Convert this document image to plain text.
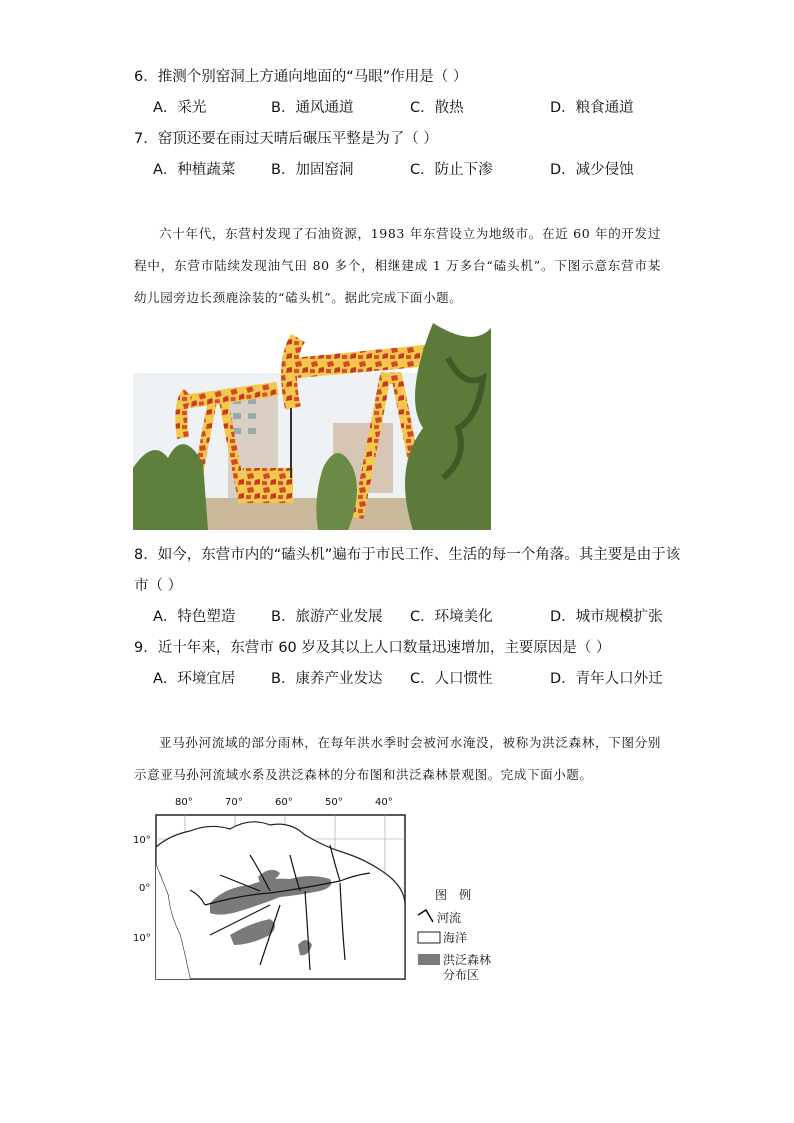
6．推测个别窑洞上方通向地面的“马眼”作用是（ ）
A．采光	B．通风通道	C．散热	D．粮食通道
7．窑顶还要在雨过天晴后碾压平整是为了（ ）
A．种植蔬菜 B．加固窑洞	C．防止下渗	D．减少侵蚀
六十年代，东营村发现了石油资源，1983 年东营设立为地级市。在近 60 年的开发过程中，东营市陆续发现油气田 80 多个，相继建成 1 万多台“磕头机”。下图示意东营市某幼儿园旁边长颈鹿涂装的“磕头机”。据此完成下面小题。
8．如今，东营市内的“磕头机”遍布于市民工作、生活的每一个角落。其主要是由于该
市（ ）
A．特色塑造 B．旅游产业发展 C．环境美化	D．城市规模扩张
9．近十年来，东营市 60 岁及其以上人口数量迅速增加，主要原因是（ ）
A．环境宜居 B．康养产业发达 C．人口惯性	D．青年人口外迁
亚马孙河流域的部分雨林，在每年洪水季时会被河水淹没，被称为洪泛森林，下图分别示意亚马孙河流域水系及洪泛森林的分布图和洪泛森林景观图。完成下面小题。
80°	70°	60°	50°	40°
10°
0°
10°
图　例
河流
海洋
洪泛森林
分布区
